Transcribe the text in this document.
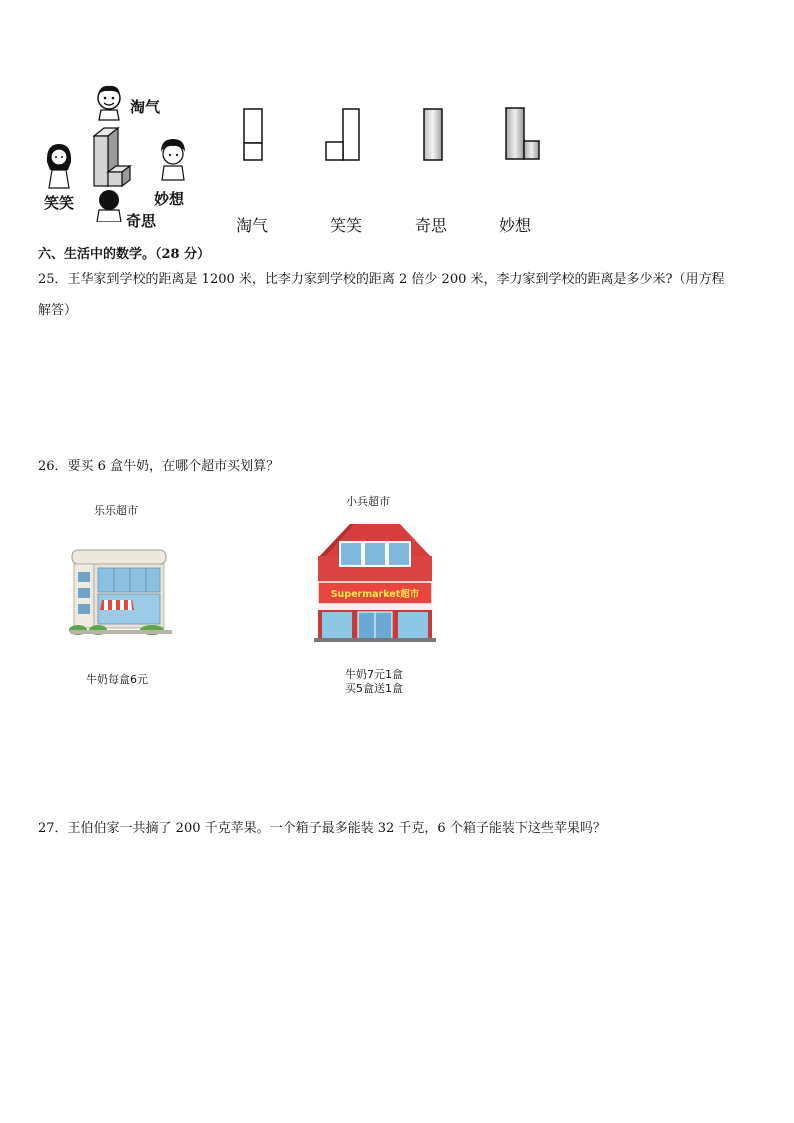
淘气
笑笑	妙想
奇思	淘气	笑笑	奇思	妙想
六、生活中的数学。（28 分）
25．王华家到学校的距离是 1200 米，比李力家到学校的距离 2 倍少 200 米，李力家到学校的距离是多少米?（用方程
解答）
26．要买 6 盒牛奶，在哪个超市买划算？
乐乐超市
牛奶每盒6元
小兵超市
Supermarket超市
牛奶7元1盒
买5盒送1盒
27．王伯伯家一共摘了 200 千克苹果。一个箱子最多能装 32 千克，6 个箱子能装下这些苹果吗？
